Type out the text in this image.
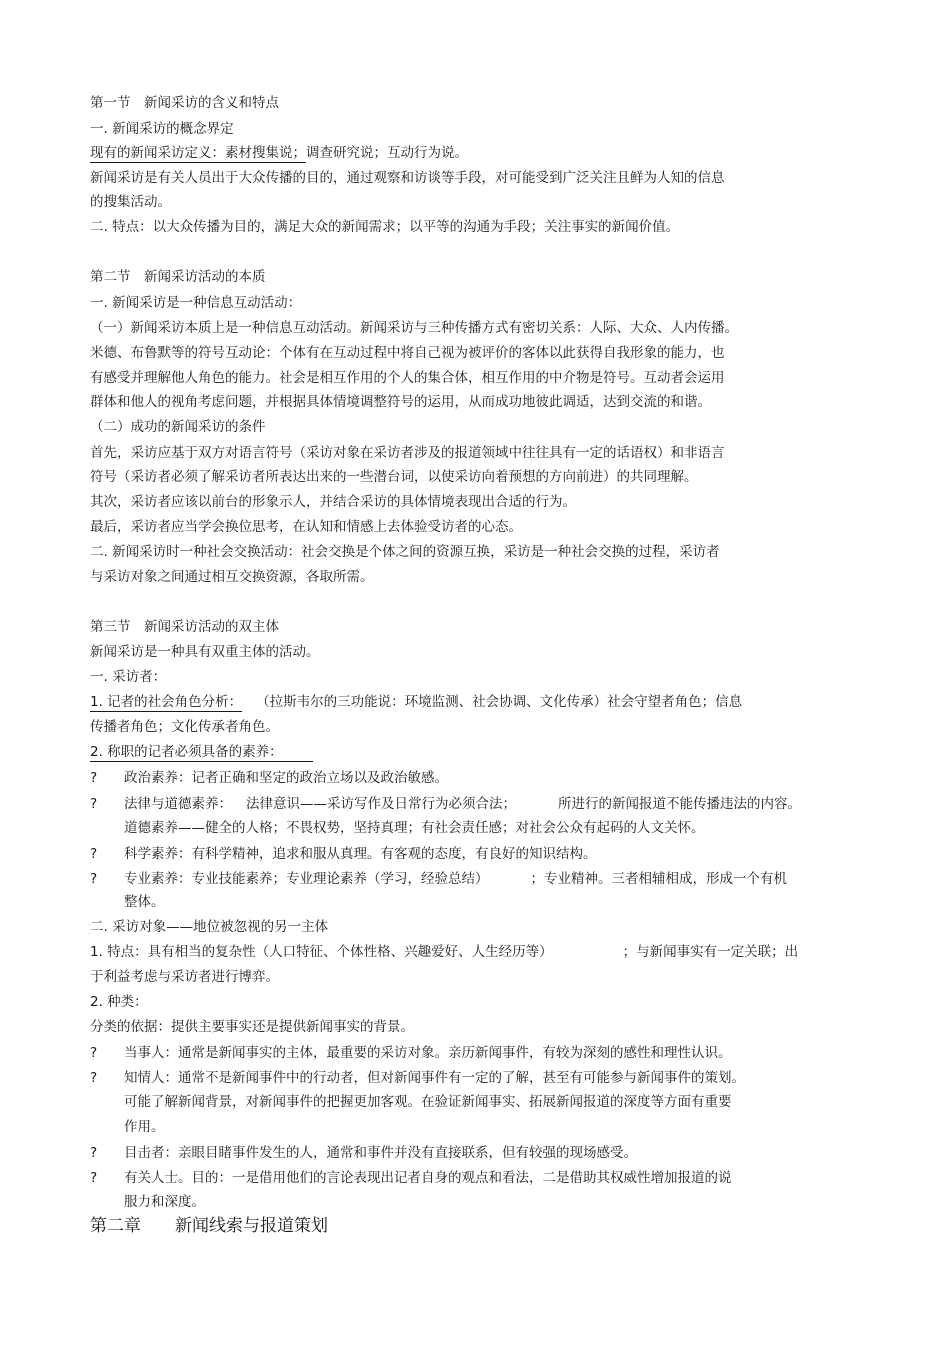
第一节　新闻采访的含义和特点
一. 新闻采访的概念界定
现有的新闻采访定义：素材搜集说；调查研究说；互动行为说。
新闻采访是有关人员出于大众传播的目的，通过观察和访谈等手段，对可能受到广泛关注且鲜为人知的信息
的搜集活动。
二. 特点：以大众传播为目的，满足大众的新闻需求；以平等的沟通为手段；关注事实的新闻价值。
第二节　新闻采访活动的本质
一. 新闻采访是一种信息互动活动：
（一）新闻采访本质上是一种信息互动活动。新闻采访与三种传播方式有密切关系：人际、大众、人内传播。
米德、布鲁默等的符号互动论：个体有在互动过程中将自己视为被评价的客体以此获得自我形象的能力，也
有感受并理解他人角色的能力。社会是相互作用的个人的集合体，相互作用的中介物是符号。互动者会运用
群体和他人的视角考虑问题，并根据具体情境调整符号的运用，从而成功地彼此调适，达到交流的和谐。
（二）成功的新闻采访的条件
首先，采访应基于双方对语言符号（采访对象在采访者涉及的报道领域中往往具有一定的话语权）和非语言
符号（采访者必须了解采访者所表达出来的一些潜台词，以使采访向着预想的方向前进）的共同理解。
其次，采访者应该以前台的形象示人，并结合采访的具体情境表现出合适的行为。
最后，采访者应当学会换位思考，在认知和情感上去体验受访者的心态。
二. 新闻采访时一种社会交换活动：社会交换是个体之间的资源互换，采访是一种社会交换的过程，采访者
与采访对象之间通过相互交换资源，各取所需。
第三节　新闻采访活动的双主体
新闻采访是一种具有双重主体的活动。
一. 采访者：
1. 记者的社会角色分析： （拉斯韦尔的三功能说：环境监测、社会协调、文化传承）社会守望者角色；信息
传播者角色；文化传承者角色。
2. 称职的记者必须具备的素养：
? 政治素养：记者正确和坚定的政治立场以及政治敏感。
? 法律与道德素养： 法律意识——采访写作及日常行为必须合法；	所进行的新闻报道不能传播违法的内容。
道德素养——健全的人格；不畏权势，坚持真理；有社会责任感；对社会公众有起码的人文关怀。
? 科学素养：有科学精神，追求和服从真理。有客观的态度，有良好的知识结构。
? 专业素养：专业技能素养；专业理论素养（学习，经验总结）	；专业精神。三者相辅相成，形成一个有机
整体。
二. 采访对象——地位被忽视的另一主体
1. 特点：具有相当的复杂性（人口特征、个体性格、兴趣爱好、人生经历等）	；与新闻事实有一定关联；出
于利益考虑与采访者进行博弈。
2. 种类：
分类的依据：提供主要事实还是提供新闻事实的背景。
? 当事人：通常是新闻事实的主体，最重要的采访对象。亲历新闻事件，有较为深刻的感性和理性认识。
? 知情人：通常不是新闻事件中的行动者，但对新闻事件有一定的了解，甚至有可能参与新闻事件的策划。
可能了解新闻背景，对新闻事件的把握更加客观。在验证新闻事实、拓展新闻报道的深度等方面有重要
作用。
? 目击者：亲眼目睹事件发生的人，通常和事件并没有直接联系，但有较强的现场感受。
? 有关人士。目的：一是借用他们的言论表现出记者自身的观点和看法，二是借助其权威性增加报道的说
服力和深度。
第二章　　新闻线索与报道策划
